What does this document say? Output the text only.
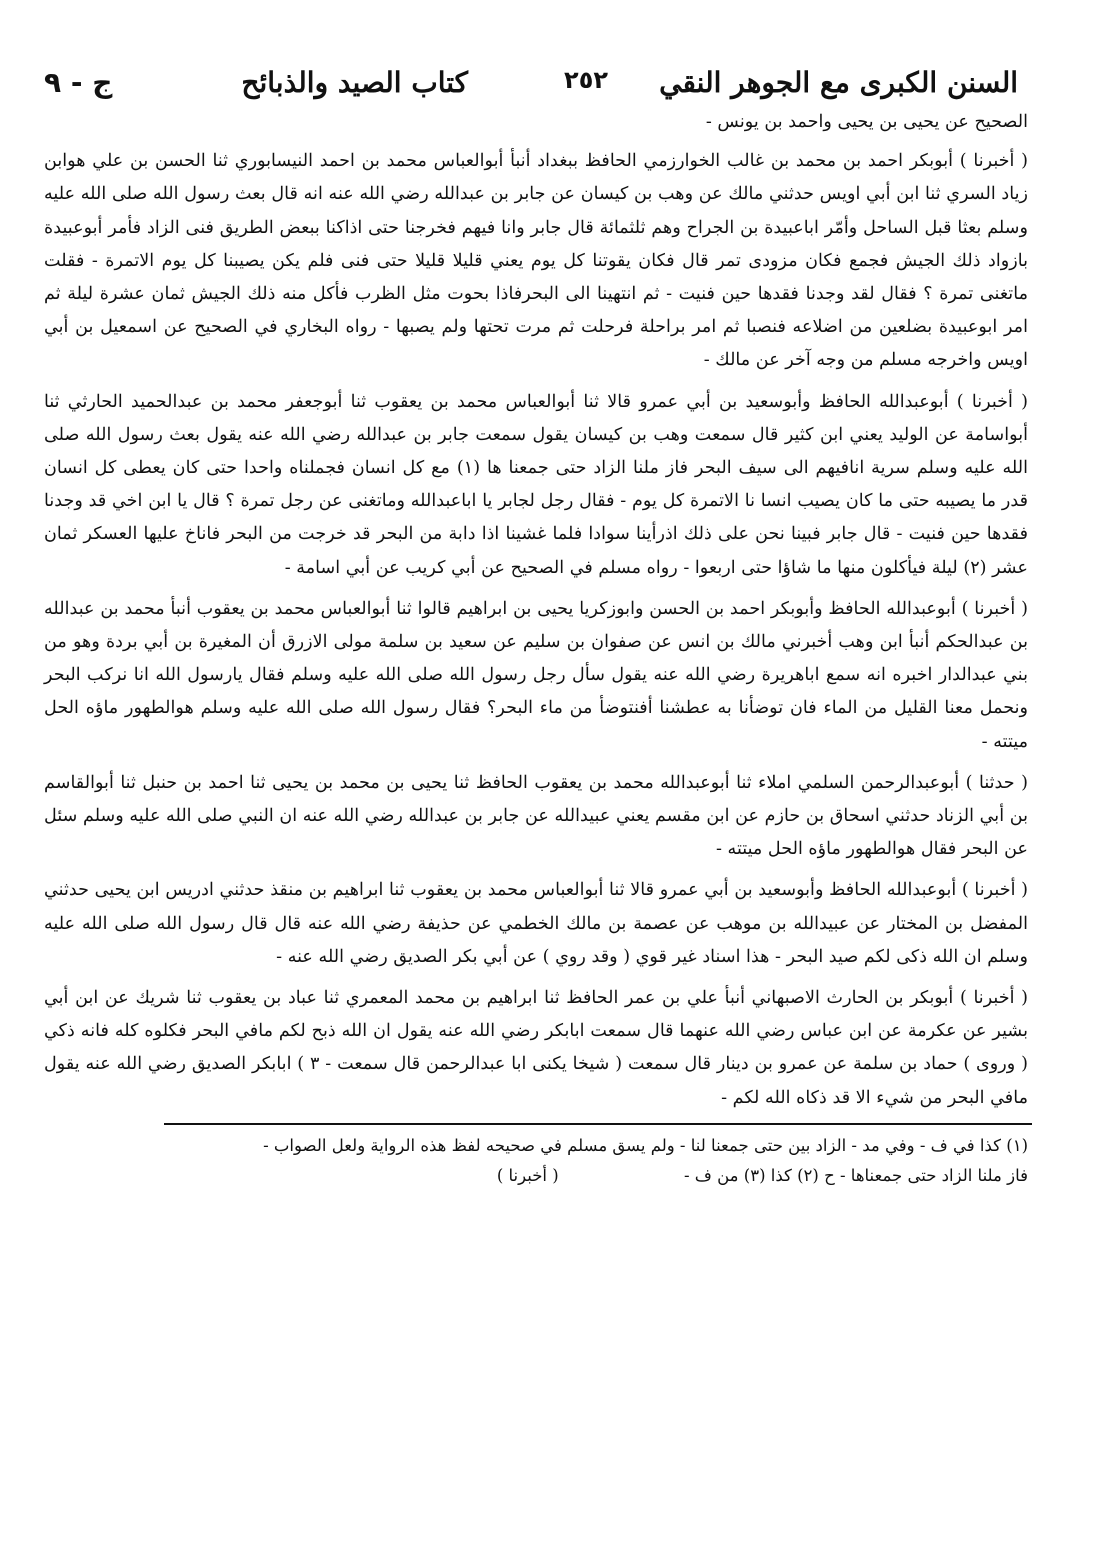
السنن الكبرى مع الجوهر النقي
٢٥٢
كتاب الصيد والذبائح
ج - ٩

الصحيح عن يحيى بن يحيى واحمد بن يونس -

( أخبرنا ) أبوبكر احمد بن محمد بن غالب الخوارزمي الحافظ ببغداد أنبأ أبوالعباس محمد بن احمد النيسابوري ثنا الحسن بن علي هوابن زياد السري ثنا ابن أبي اويس حدثني مالك عن وهب بن كيسان عن جابر بن عبدالله رضي الله عنه انه قال بعث رسول الله صلى الله عليه وسلم بعثا قبل الساحل وأمّر اباعبيدة بن الجراح وهم ثلثمائة قال جابر وانا فيهم فخرجنا حتى اذاكنا ببعض الطريق فنى الزاد فأمر أبوعبيدة بازواد ذلك الجيش فجمع فكان مزودى تمر قال فكان يقوتنا كل يوم يعني قليلا قليلا حتى فنى فلم يكن يصيبنا كل يوم الاتمرة - فقلت ماتغنى تمرة ؟ فقال لقد وجدنا فقدها حين فنيت - ثم انتهينا الى البحرفاذا بحوت مثل الظرب فأكل منه ذلك الجيش ثمان عشرة ليلة ثم امر ابوعبيدة بضلعين من اضلاعه فنصبا ثم امر براحلة فرحلت ثم مرت تحتها ولم يصبها - رواه البخاري في الصحيح عن اسمعيل بن أبي اويس واخرجه مسلم من وجه آخر عن مالك -

( أخبرنا ) أبوعبدالله الحافظ وأبوسعيد بن أبي عمرو قالا ثنا أبوالعباس محمد بن يعقوب ثنا أبوجعفر محمد بن عبدالحميد الحارثي ثنا أبواسامة عن الوليد يعني ابن كثير قال سمعت وهب بن كيسان يقول سمعت جابر بن عبدالله رضي الله عنه يقول بعث رسول الله صلى الله عليه وسلم سرية انافيهم الى سيف البحر فاز ملنا الزاد حتى جمعنا ها (١) مع كل انسان فجملناه واحدا حتى كان يعطى كل انسان قدر ما يصيبه حتى ما كان يصيب انسا نا الاتمرة كل يوم - فقال رجل لجابر يا اباعبدالله وماتغنى عن رجل تمرة ؟ قال يا ابن اخي قد وجدنا فقدها حين فنيت - قال جابر فبينا نحن على ذلك اذرأينا سوادا فلما غشينا اذا دابة من البحر قد خرجت من البحر فاناخ عليها العسكر ثمان عشر (٢) ليلة فيأكلون منها ما شاؤا حتى اربعوا - رواه مسلم في الصحيح عن أبي كريب عن أبي اسامة -

( أخبرنا ) أبوعبدالله الحافظ وأبوبكر احمد بن الحسن وابوزكريا يحيى بن ابراهيم قالوا ثنا أبوالعباس محمد بن يعقوب أنبأ محمد بن عبدالله بن عبدالحكم أنبأ ابن وهب أخبرني مالك بن انس عن صفوان بن سليم عن سعيد بن سلمة مولى الازرق أن المغيرة بن أبي بردة وهو من بني عبدالدار اخبره انه سمع اباهريرة رضي الله عنه يقول سأل رجل رسول الله صلى الله عليه وسلم فقال يارسول الله انا نركب البحر ونحمل معنا القليل من الماء فان توضأنا به عطشنا أفنتوضأ من ماء البحر؟ فقال رسول الله صلى الله عليه وسلم هوالطهور ماؤه الحل ميتته -

( حدثنا ) أبوعبدالرحمن السلمي املاء ثنا أبوعبدالله محمد بن يعقوب الحافظ ثنا يحيى بن محمد بن يحيى ثنا احمد بن حنبل ثنا أبوالقاسم بن أبي الزناد حدثني اسحاق بن حازم عن ابن مقسم يعني عبيدالله عن جابر بن عبدالله رضي الله عنه ان النبي صلى الله عليه وسلم سئل عن البحر فقال هوالطهور ماؤه الحل ميتته -

( أخبرنا ) أبوعبدالله الحافظ وأبوسعيد بن أبي عمرو قالا ثنا أبوالعباس محمد بن يعقوب ثنا ابراهيم بن منقذ حدثني ادريس ابن يحيى حدثني المفضل بن المختار عن عبيدالله بن موهب عن عصمة بن مالك الخطمي عن حذيفة رضي الله عنه قال قال رسول الله صلى الله عليه وسلم ان الله ذكى لكم صيد البحر - هذا اسناد غير قوي ( وقد روي ) عن أبي بكر الصديق رضي الله عنه -

( أخبرنا ) أبوبكر بن الحارث الاصبهاني أنبأ علي بن عمر الحافظ ثنا ابراهيم بن محمد المعمري ثنا عباد بن يعقوب ثنا شريك عن ابن أبي بشير عن عكرمة عن ابن عباس رضي الله عنهما قال سمعت ابابكر رضي الله عنه يقول ان الله ذبح لكم مافي البحر فكلوه كله فانه ذكي ( وروى ) حماد بن سلمة عن عمرو بن دينار قال سمعت ( شيخا يكنى ابا عبدالرحمن قال سمعت - ٣ ) ابابكر الصديق رضي الله عنه يقول مافي البحر من شيء الا قد ذكاه الله لكم -

(١) كذا في ف - وفي مد - الزاد بين حتى جمعنا لنا - ولم يسق مسلم في صحيحه لفظ هذه الرواية ولعل الصواب -
فاز ملنا الزاد حتى جمعناها - ح (٢) كذا (٣) من ف - ( أخبرنا )
